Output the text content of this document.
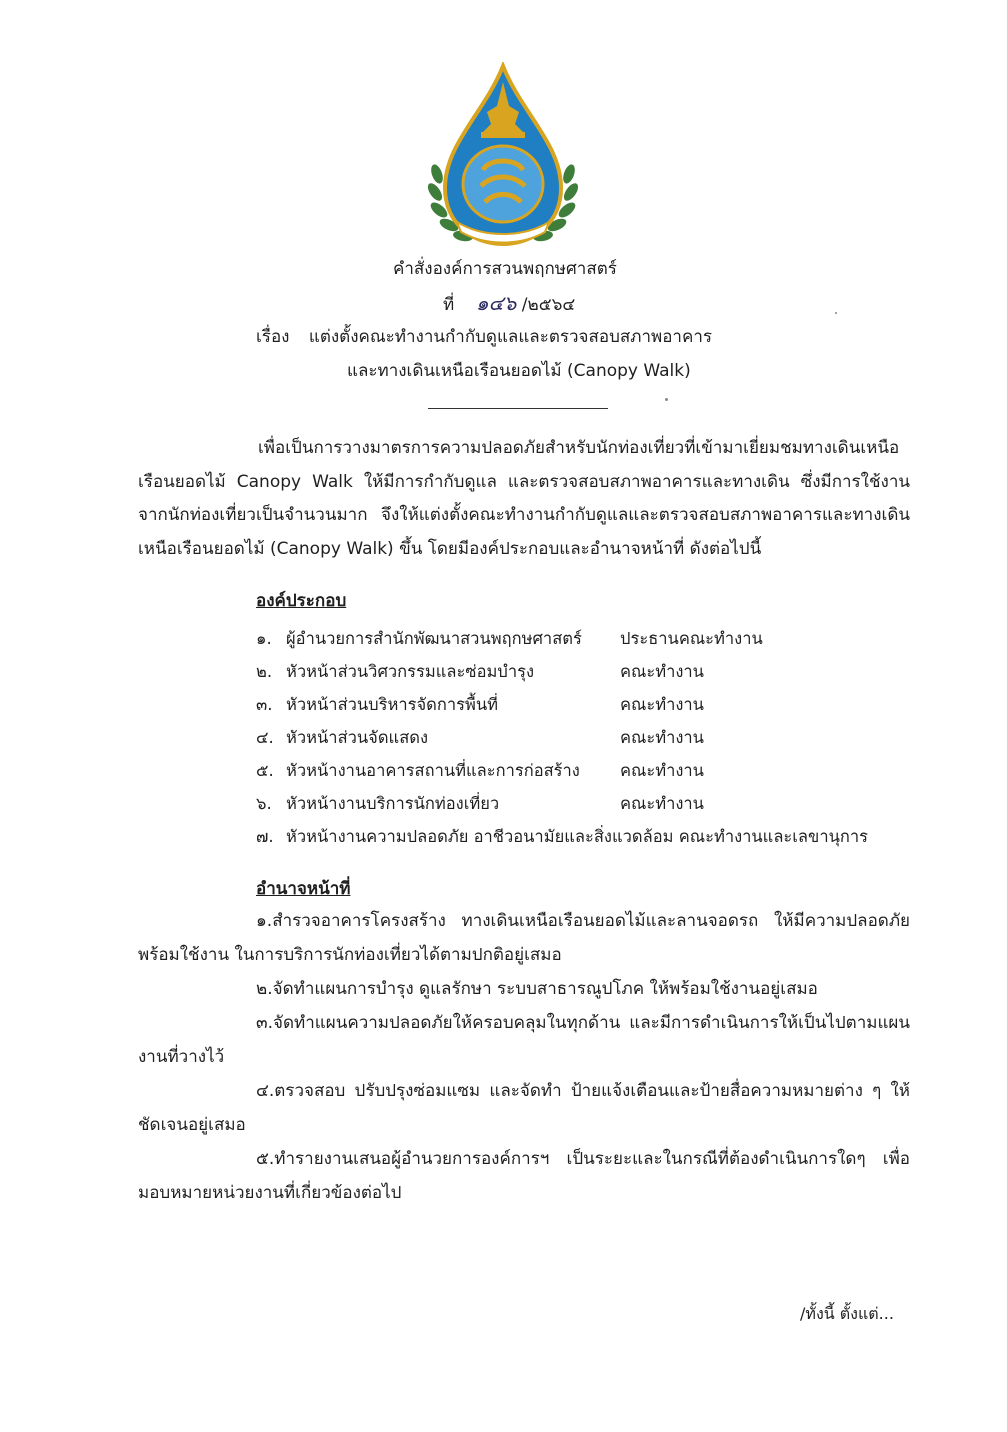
คำสั่งองค์การสวนพฤกษศาสตร์
ที่ ๑๔๖ /๒๕๖๔
เรื่อง แต่งตั้งคณะทำงานกำกับดูแลและตรวจสอบสภาพอาคาร
และทางเดินเหนือเรือนยอดไม้ (Canopy Walk)
เพื่อเป็นการวางมาตรการความปลอดภัยสำหรับนักท่องเที่ยวที่เข้ามาเยี่ยมชมทางเดินเหนือเรือนยอดไม้ Canopy Walk ให้มีการกำกับดูแล และตรวจสอบสภาพอาคารและทางเดิน ซึ่งมีการใช้งานจากนักท่องเที่ยวเป็นจำนวนมาก จึงให้แต่งตั้งคณะทำงานกำกับดูแลและตรวจสอบสภาพอาคารและทางเดินเหนือเรือนยอดไม้ (Canopy Walk) ขึ้น โดยมีองค์ประกอบและอำนาจหน้าที่ ดังต่อไปนี้
องค์ประกอบ
๑. ผู้อำนวยการสำนักพัฒนาสวนพฤกษศาสตร์ ประธานคณะทำงาน
๒. หัวหน้าส่วนวิศวกรรมและซ่อมบำรุง	คณะทำงาน
๓. หัวหน้าส่วนบริหารจัดการพื้นที่	คณะทำงาน
๔. หัวหน้าส่วนจัดแสดง	คณะทำงาน
๕. หัวหน้างานอาคารสถานที่และการก่อสร้าง คณะทำงาน
๖. หัวหน้างานบริการนักท่องเที่ยว	คณะทำงาน
๗. หัวหน้างานความปลอดภัย อาชีวอนามัยและสิ่งแวดล้อม คณะทำงานและเลขานุการ
อำนาจหน้าที่

๑.สำรวจอาคารโครงสร้าง ทางเดินเหนือเรือนยอดไม้และลานจอดรถ ให้มีความปลอดภัยพร้อมใช้งาน ในการบริการนักท่องเที่ยวได้ตามปกติอยู่เสมอ

๒.จัดทำแผนการบำรุง ดูแลรักษา ระบบสาธารณูปโภค ให้พร้อมใช้งานอยู่เสมอ

๓.จัดทำแผนความปลอดภัยให้ครอบคลุมในทุกด้าน และมีการดำเนินการให้เป็นไปตามแผนงานที่วางไว้

๔.ตรวจสอบ ปรับปรุงซ่อมแซม และจัดทำ ป้ายแจ้งเตือนและป้ายสื่อความหมายต่าง ๆ ให้ชัดเจนอยู่เสมอ

๕.ทำรายงานเสนอผู้อำนวยการองค์การฯ เป็นระยะและในกรณีที่ต้องดำเนินการใดๆ เพื่อมอบหมายหน่วยงานที่เกี่ยวข้องต่อไป

/ทั้งนี้ ตั้งแต่...
